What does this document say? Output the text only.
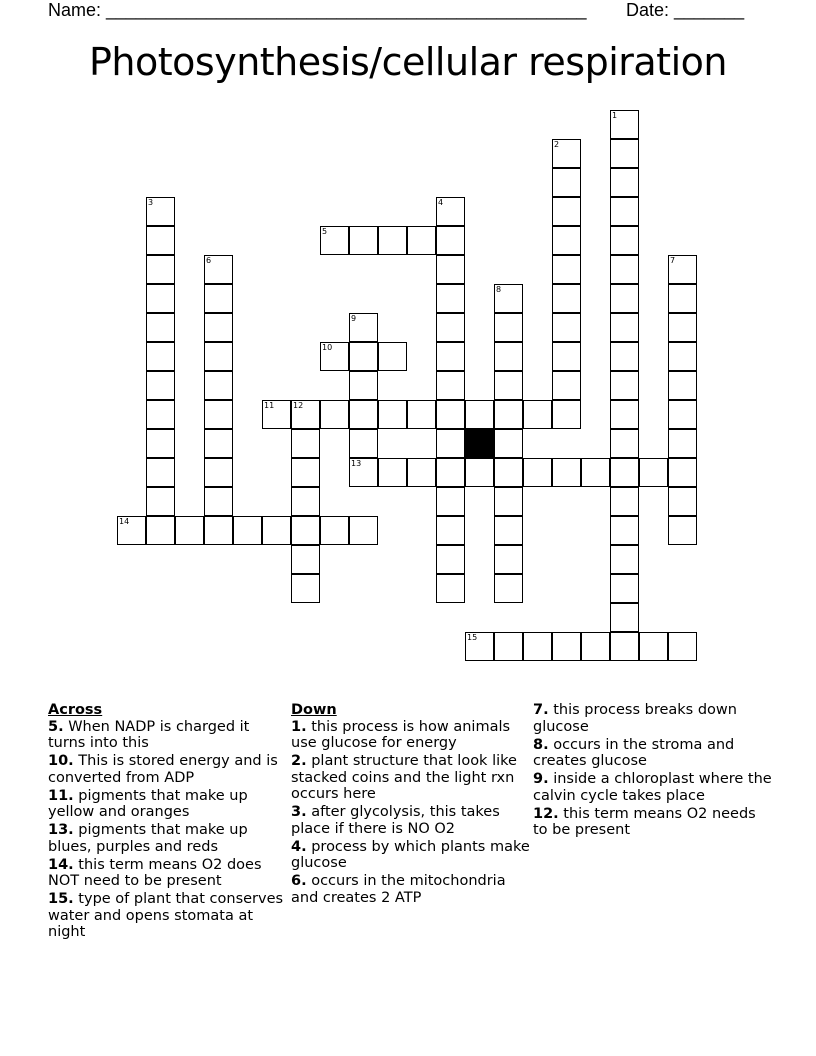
Name: ________________________________________________ Date: _______
Photosynthesis/cellular respiration
1
2
3	4
5
6	7
8
9
13
10
11 12
14
15
Across
5. When NADP is charged it turns into this
10. This is stored energy and is converted from ADP
11. pigments that make up yellow and oranges
13. pigments that make up blues, purples and reds
14. this term means O2 does NOT need to be present
15. type of plant that conserves water and opens stomata at night
Down
1. this process is how animals use glucose for energy
2. plant structure that look like stacked coins and the light rxn occurs here
3. after glycolysis, this takes place if there is NO O2
4. process by which plants make glucose
6. occurs in the mitochondria and creates 2 ATP
7. this process breaks down glucose
8. occurs in the stroma and creates glucose
9. inside a chloroplast where the calvin cycle takes place
12. this term means O2 needs to be present
